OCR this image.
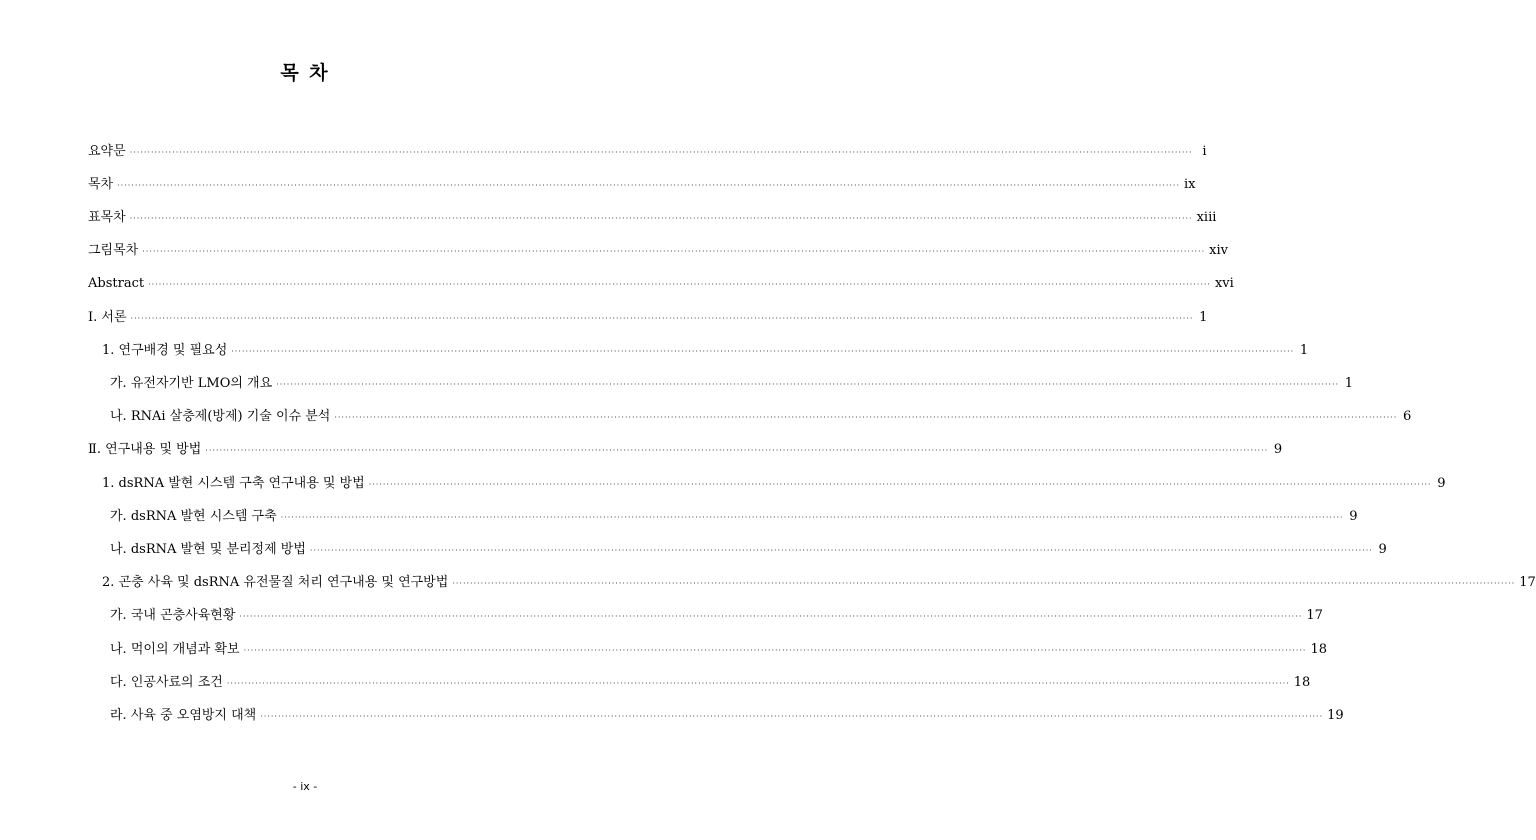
목 차
요약문 ············································································································································································································································································································ i
목차 ············································································································································································································································································································ ix
표목차 ············································································································································································································································································································ xiii
그림목차 ············································································································································································································································································································ xiv
Abstract ············································································································································································································································································································ xvi
Ⅰ. 서론 ············································································································································································································································································································ 1
1. 연구배경 및 필요성 ············································································································································································································································································································ 1
가. 유전자기반 LMO의 개요 ············································································································································································································································································································ 1
나. RNAi 살충제(방제) 기술 이슈 분석 ············································································································································································································································································································ 6
Ⅱ. 연구내용 및 방법 ············································································································································································································································································································ 9
1. dsRNA 발현 시스템 구축 연구내용 및 방법 ············································································································································································································································································································ 9
가. dsRNA 발현 시스템 구축 ············································································································································································································································································································ 9
나. dsRNA 발현 및 분리정제 방법 ············································································································································································································································································································ 9
2. 곤충 사육 및 dsRNA 유전물질 처리 연구내용 및 연구방법 ············································································································································································································································································································ 17
가. 국내 곤충사육현황 ············································································································································································································································································································ 17
나. 먹이의 개념과 확보 ············································································································································································································································································································ 18
다. 인공사료의 조건 ············································································································································································································································································································ 18
라. 사육 중 오염방지 대책 ············································································································································································································································································································ 19
- ix -
